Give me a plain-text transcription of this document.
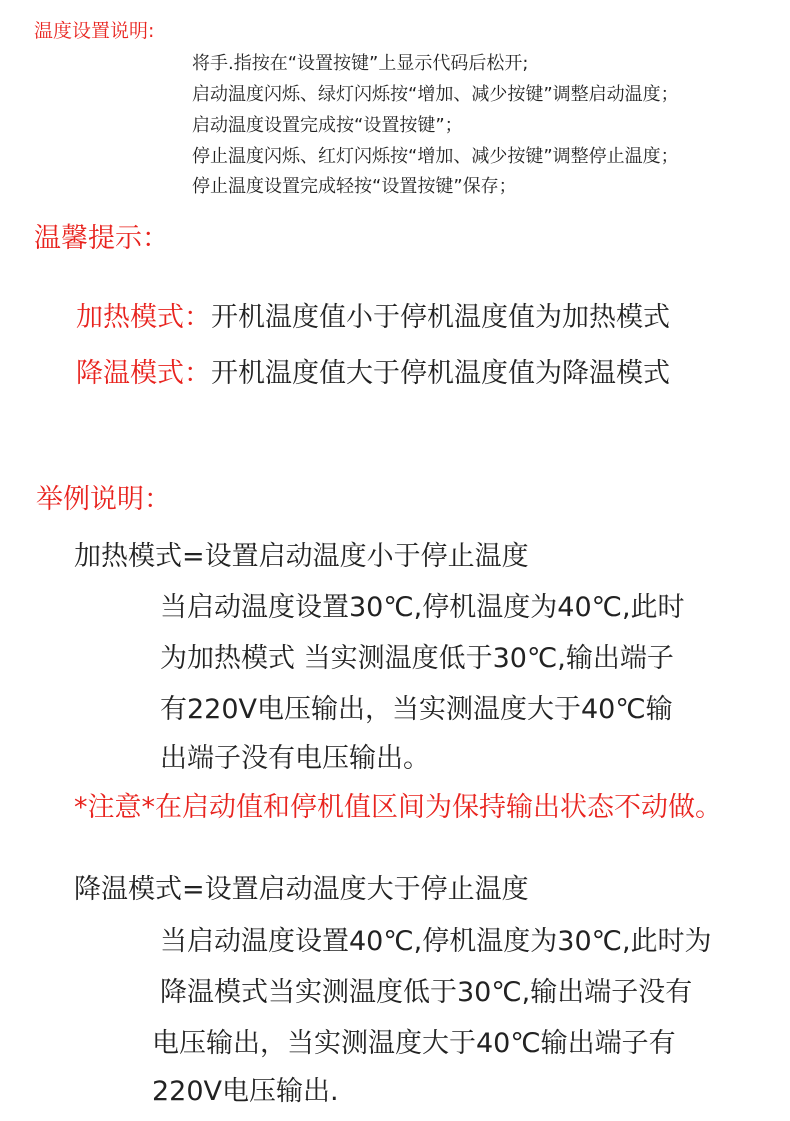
温度设置说明:
将手.指按在“设置按键”上显示代码后松开;
启动温度闪烁、绿灯闪烁按“增加、减少按键”调整启动温度；
启动温度设置完成按“设置按键”；
停止温度闪烁、红灯闪烁按“增加、减少按键”调整停止温度；
停止温度设置完成轻按“设置按键”保存；
温馨提示：
加热模式：开机温度值小于停机温度值为加热模式
降温模式：开机温度值大于停机温度值为降温模式
举例说明：
加热模式=设置启动温度小于停止温度
当启动温度设置30℃,停机温度为40℃,此时
为加热模式 当实测温度低于30℃,输出端子
有220V电压输出，当实测温度大于40℃输
出端子没有电压输出。
*注意*在启动值和停机值区间为保持输出状态不动做。
降温模式=设置启动温度大于停止温度
当启动温度设置40℃,停机温度为30℃,此时为
降温模式当实测温度低于30℃,输出端子没有
电压输出，当实测温度大于40℃输出端子有
220V电压输出.
